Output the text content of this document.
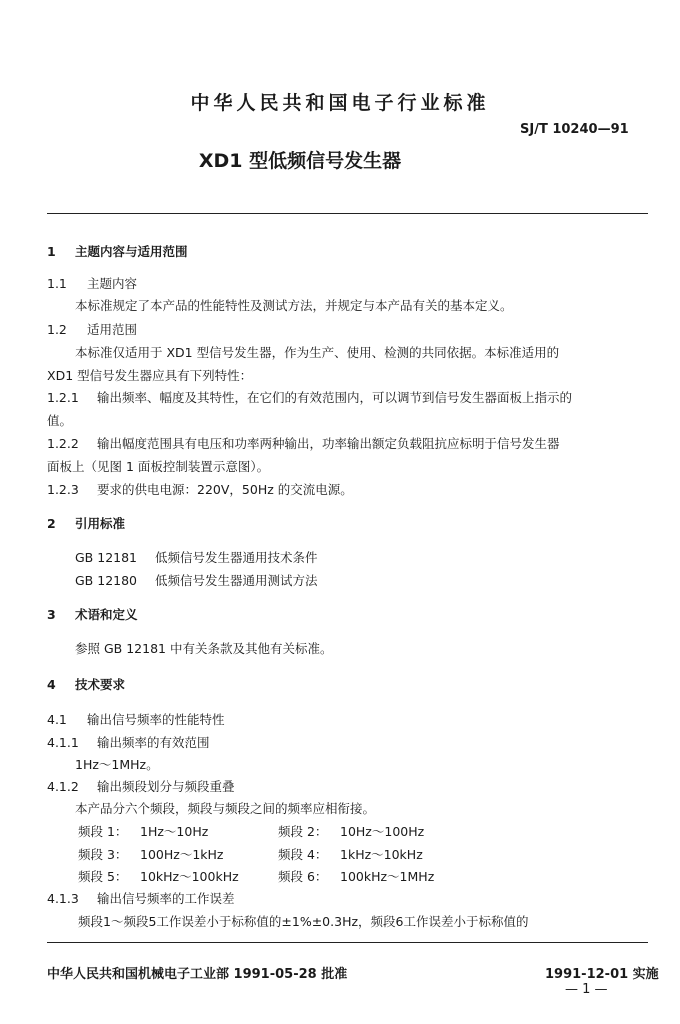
中华人民共和国电子行业标准
SJ/T 10240—91
XD1 型低频信号发生器
1 主题内容与适用范围
1.1 主题内容
本标准规定了本产品的性能特性及测试方法，并规定与本产品有关的基本定义。
1.2 适用范围
本标准仅适用于 XD1 型信号发生器，作为生产、使用、检测的共同依据。本标准适用的
XD1 型信号发生器应具有下列特性：
1.2.1 输出频率、幅度及其特性，在它们的有效范围内，可以调节到信号发生器面板上指示的
值。
1.2.2 输出幅度范围具有电压和功率两种输出，功率输出额定负载阻抗应标明于信号发生器
面板上（见图 1 面板控制装置示意图）。
1.2.3 要求的供电电源：220V，50Hz 的交流电源。
2 引用标准
GB 12181 低频信号发生器通用技术条件
GB 12180 低频信号发生器通用测试方法
3 术语和定义
参照 GB 12181 中有关条款及其他有关标准。
4 技术要求
4.1 输出信号频率的性能特性
4.1.1 输出频率的有效范围
1Hz～1MHz。
4.1.2 输出频段划分与频段重叠
本产品分六个频段，频段与频段之间的频率应相衔接。
频段 1： 1Hz～10Hz	频段 2： 10Hz～100Hz
频段 3： 100Hz～1kHz	频段 4： 1kHz～10kHz
频段 5： 10kHz～100kHz	频段 6： 100kHz～1MHz
4.1.3 输出信号频率的工作误差
频段1～频段5工作误差小于标称值的±1%±0.3Hz，频段6工作误差小于标称值的
中华人民共和国机械电子工业部 1991-05-28 批准	1991-12-01 实施
— 1 —
